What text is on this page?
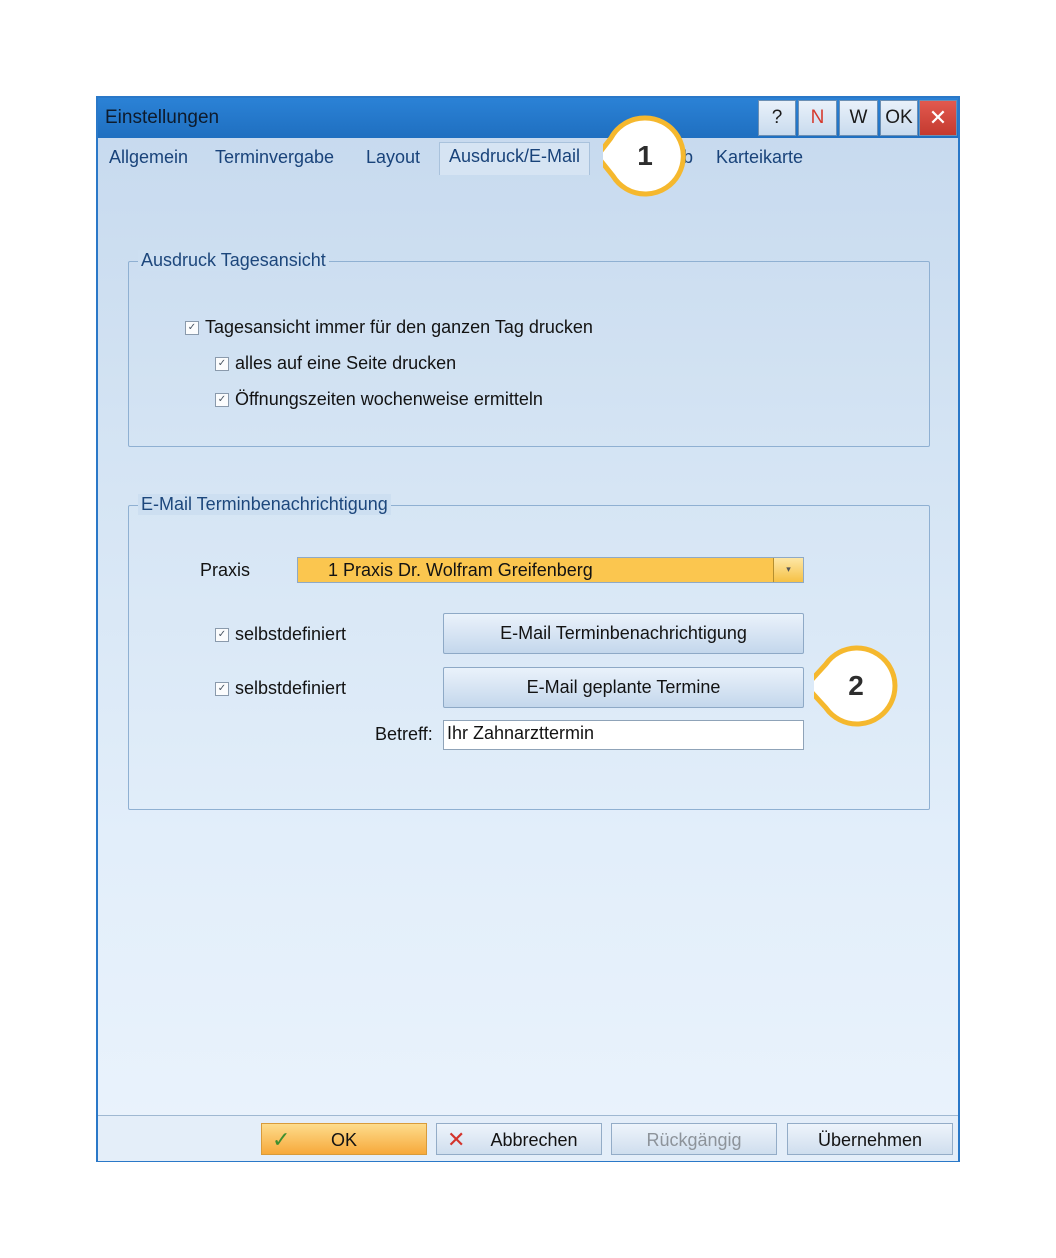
Einstellungen	?	N	W OK ✕
Allgemein Terminvergabe Layout	Ausdruck/E-Mail	b Karteikarte
Ausdruck Tagesansicht
✓ Tagesansicht immer für den ganzen Tag drucken
✓ alles auf eine Seite drucken
✓ Öffnungszeiten wochenweise ermitteln
E-Mail Terminbenachrichtigung
Praxis	1 Praxis Dr. Wolfram Greifenberg	▾
✓ selbstdefiniert	E-Mail Terminbenachrichtigung
✓ selbstdefiniert	E-Mail geplante Termine
Betreff: Ihr Zahnarzttermin
✓	OK	✕	Abbrechen	Rückgängig	Übernehmen
1
2
